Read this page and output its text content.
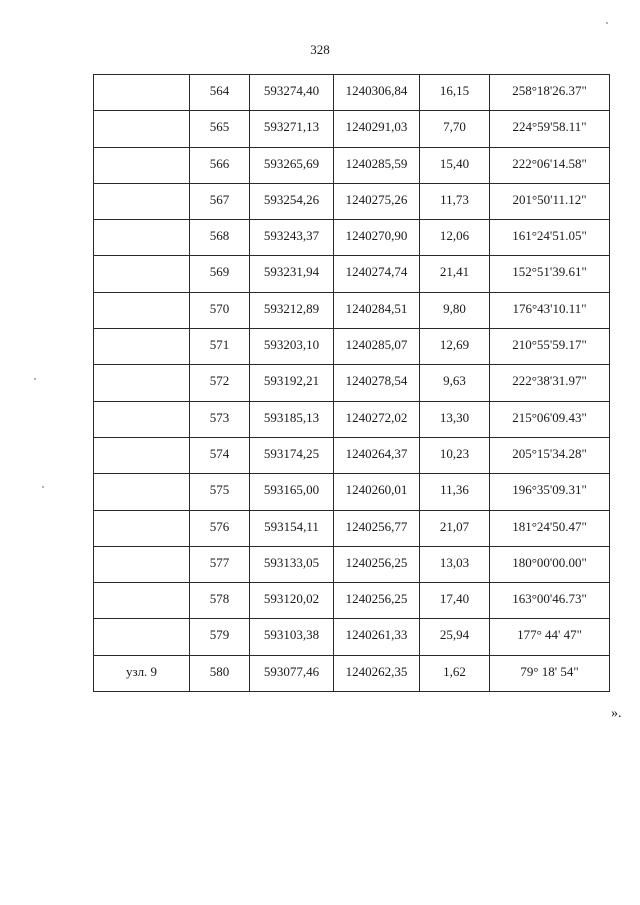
328
	564	593274,40	1240306,84	16,15	258°18'26.37"
	565	593271,13	1240291,03	7,70	224°59'58.11"
	566	593265,69	1240285,59	15,40	222°06'14.58"
	567	593254,26	1240275,26	11,73	201°50'11.12"
	568	593243,37	1240270,90	12,06	161°24'51.05"
	569	593231,94	1240274,74	21,41	152°51'39.61"
	570	593212,89	1240284,51	9,80	176°43'10.11"
	571	593203,10	1240285,07	12,69	210°55'59.17"
	572	593192,21	1240278,54	9,63	222°38'31.97"
	573	593185,13	1240272,02	13,30	215°06'09.43"
	574	593174,25	1240264,37	10,23	205°15'34.28"
	575	593165,00	1240260,01	11,36	196°35'09.31"
	576	593154,11	1240256,77	21,07	181°24'50.47"
	577	593133,05	1240256,25	13,03	180°00'00.00"
	578	593120,02	1240256,25	17,40	163°00'46.73"
	579	593103,38	1240261,33	25,94	177° 44' 47"
узл. 9	580	593077,46	1240262,35	1,62	79° 18' 54"
».
